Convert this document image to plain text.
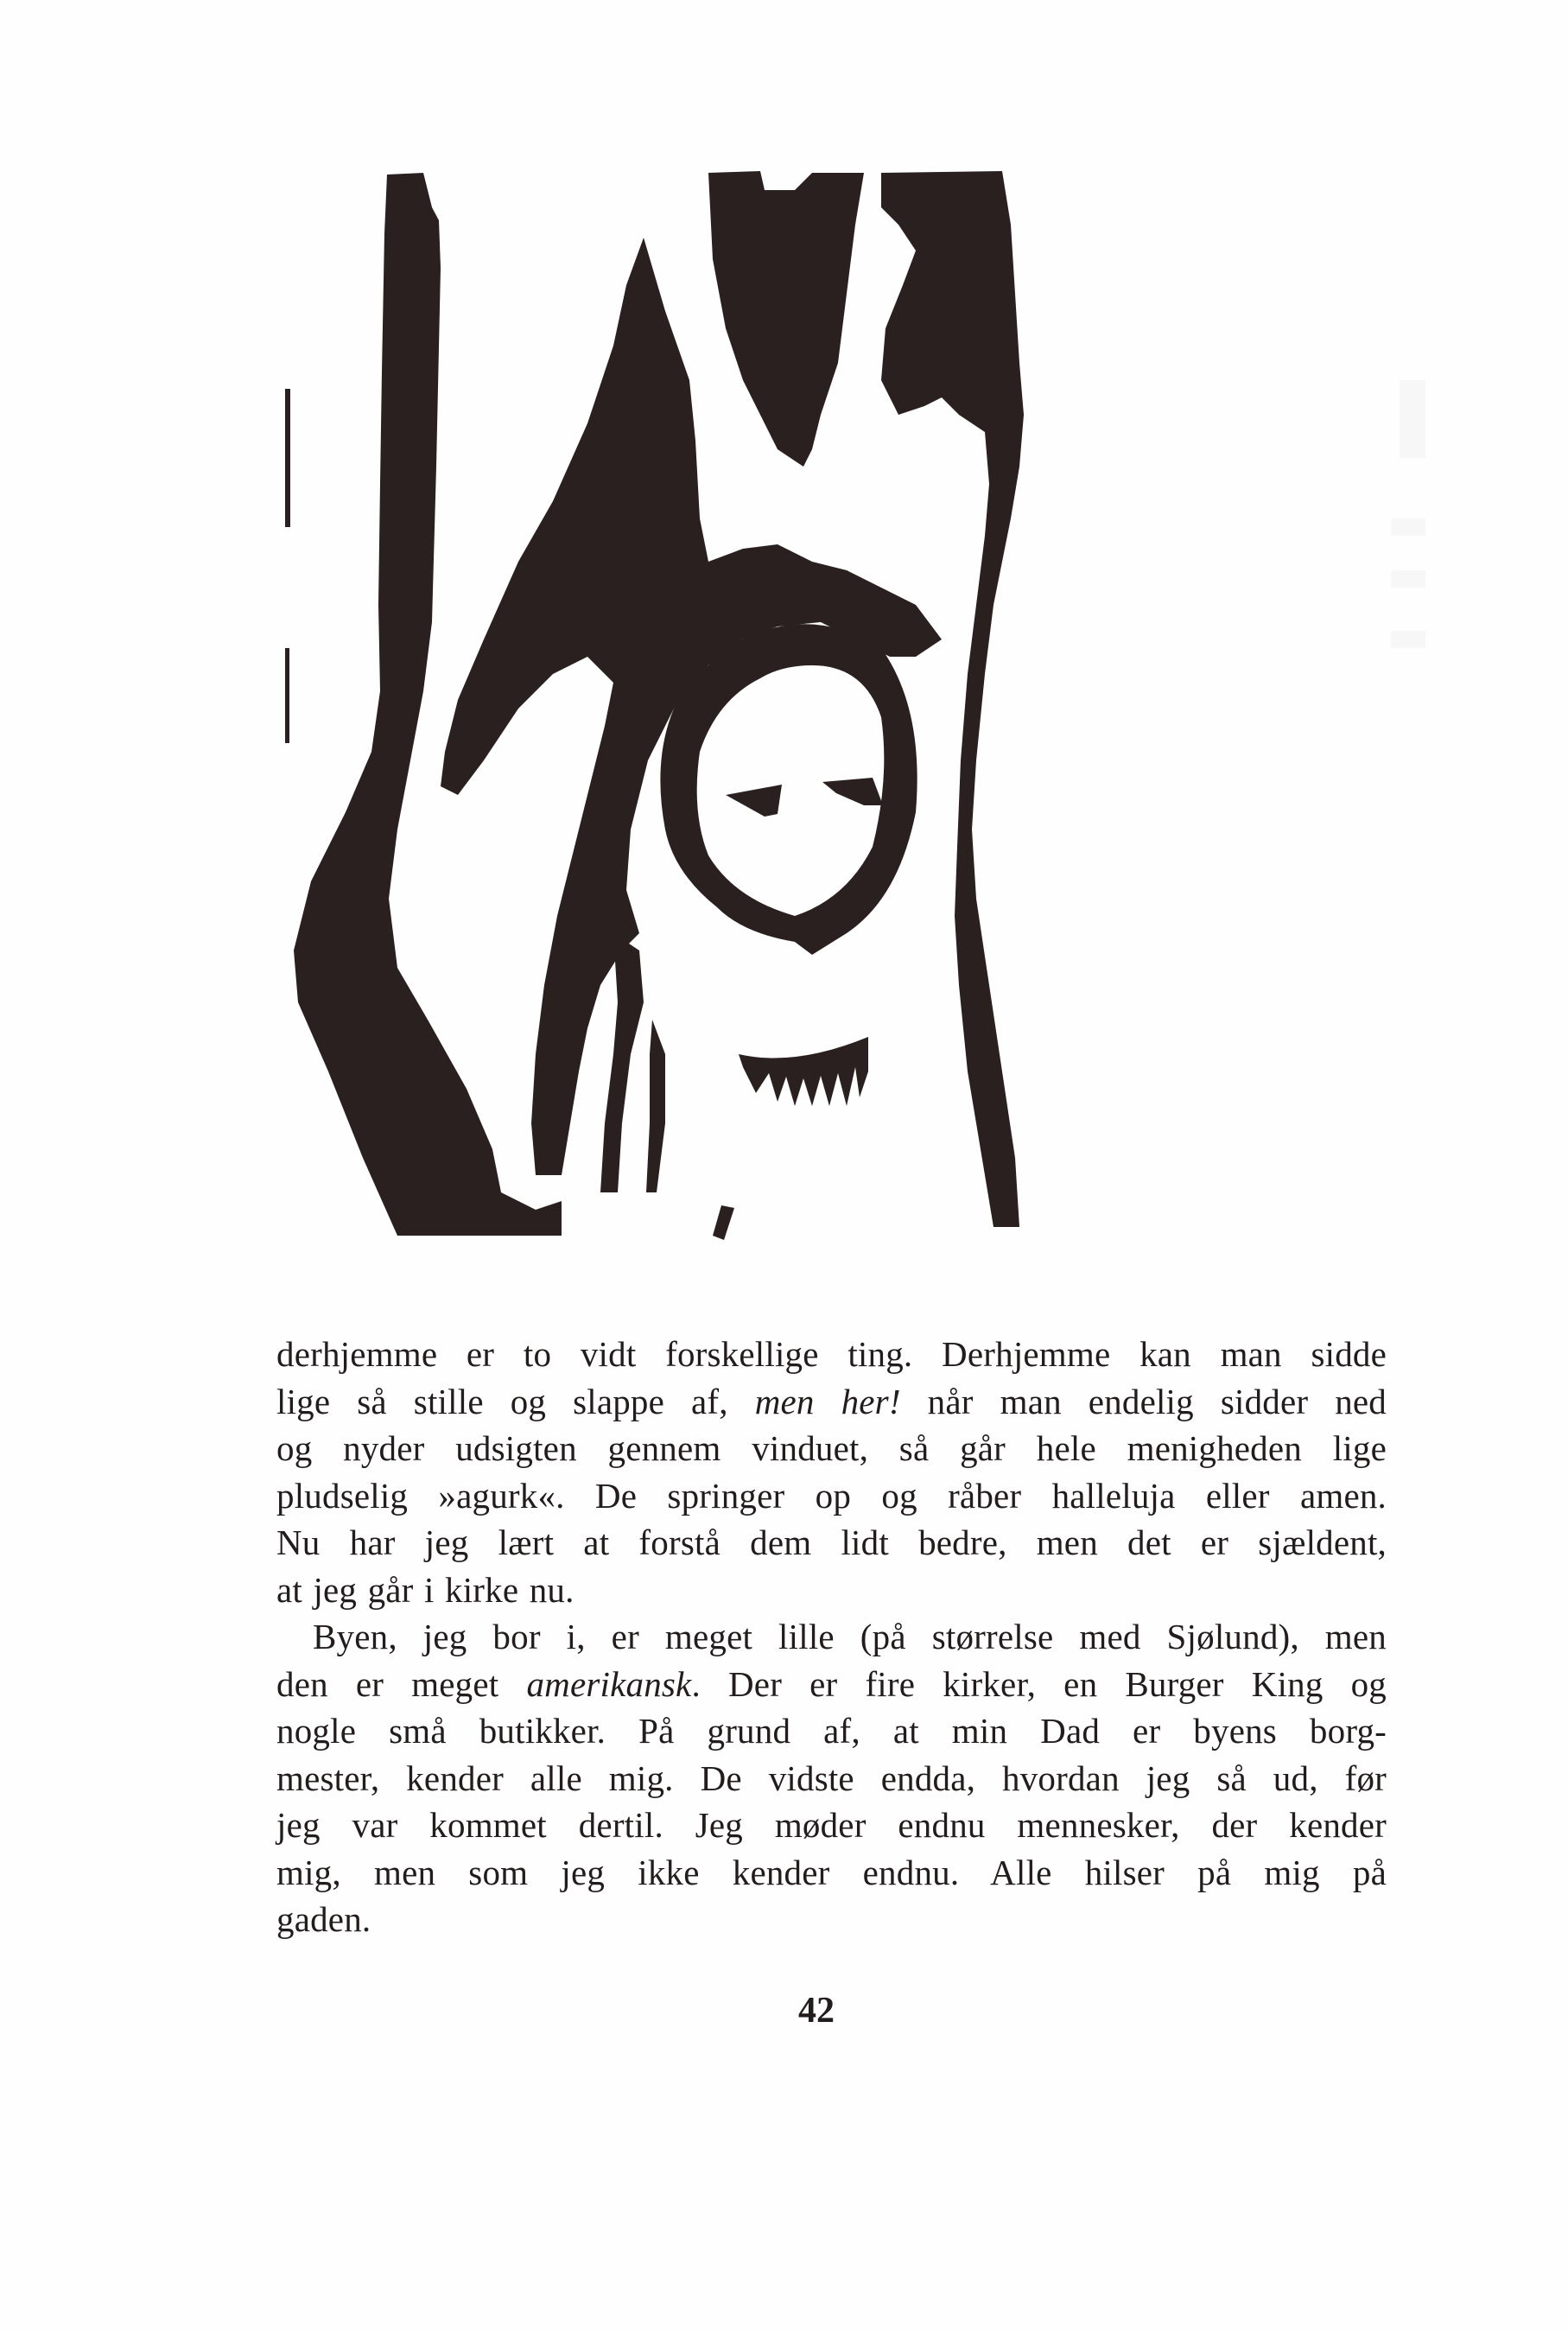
derhjemme er to vidt forskellige ting. Derhjemme kan man sidde
lige så stille og slappe af, men her! når man endelig sidder ned
og nyder udsigten gennem vinduet, så går hele menigheden lige
pludselig »agurk«. De springer op og råber halleluja eller amen.
Nu har jeg lært at forstå dem lidt bedre, men det er sjældent,
at jeg går i kirke nu.

Byen, jeg bor i, er meget lille (på størrelse med Sjølund), men
den er meget amerikansk. Der er fire kirker, en Burger King og
nogle små butikker. På grund af, at min Dad er byens borg-
mester, kender alle mig. De vidste endda, hvordan jeg så ud, før
jeg var kommet dertil. Jeg møder endnu mennesker, der kender
mig, men som jeg ikke kender endnu. Alle hilser på mig på
gaden.

42
